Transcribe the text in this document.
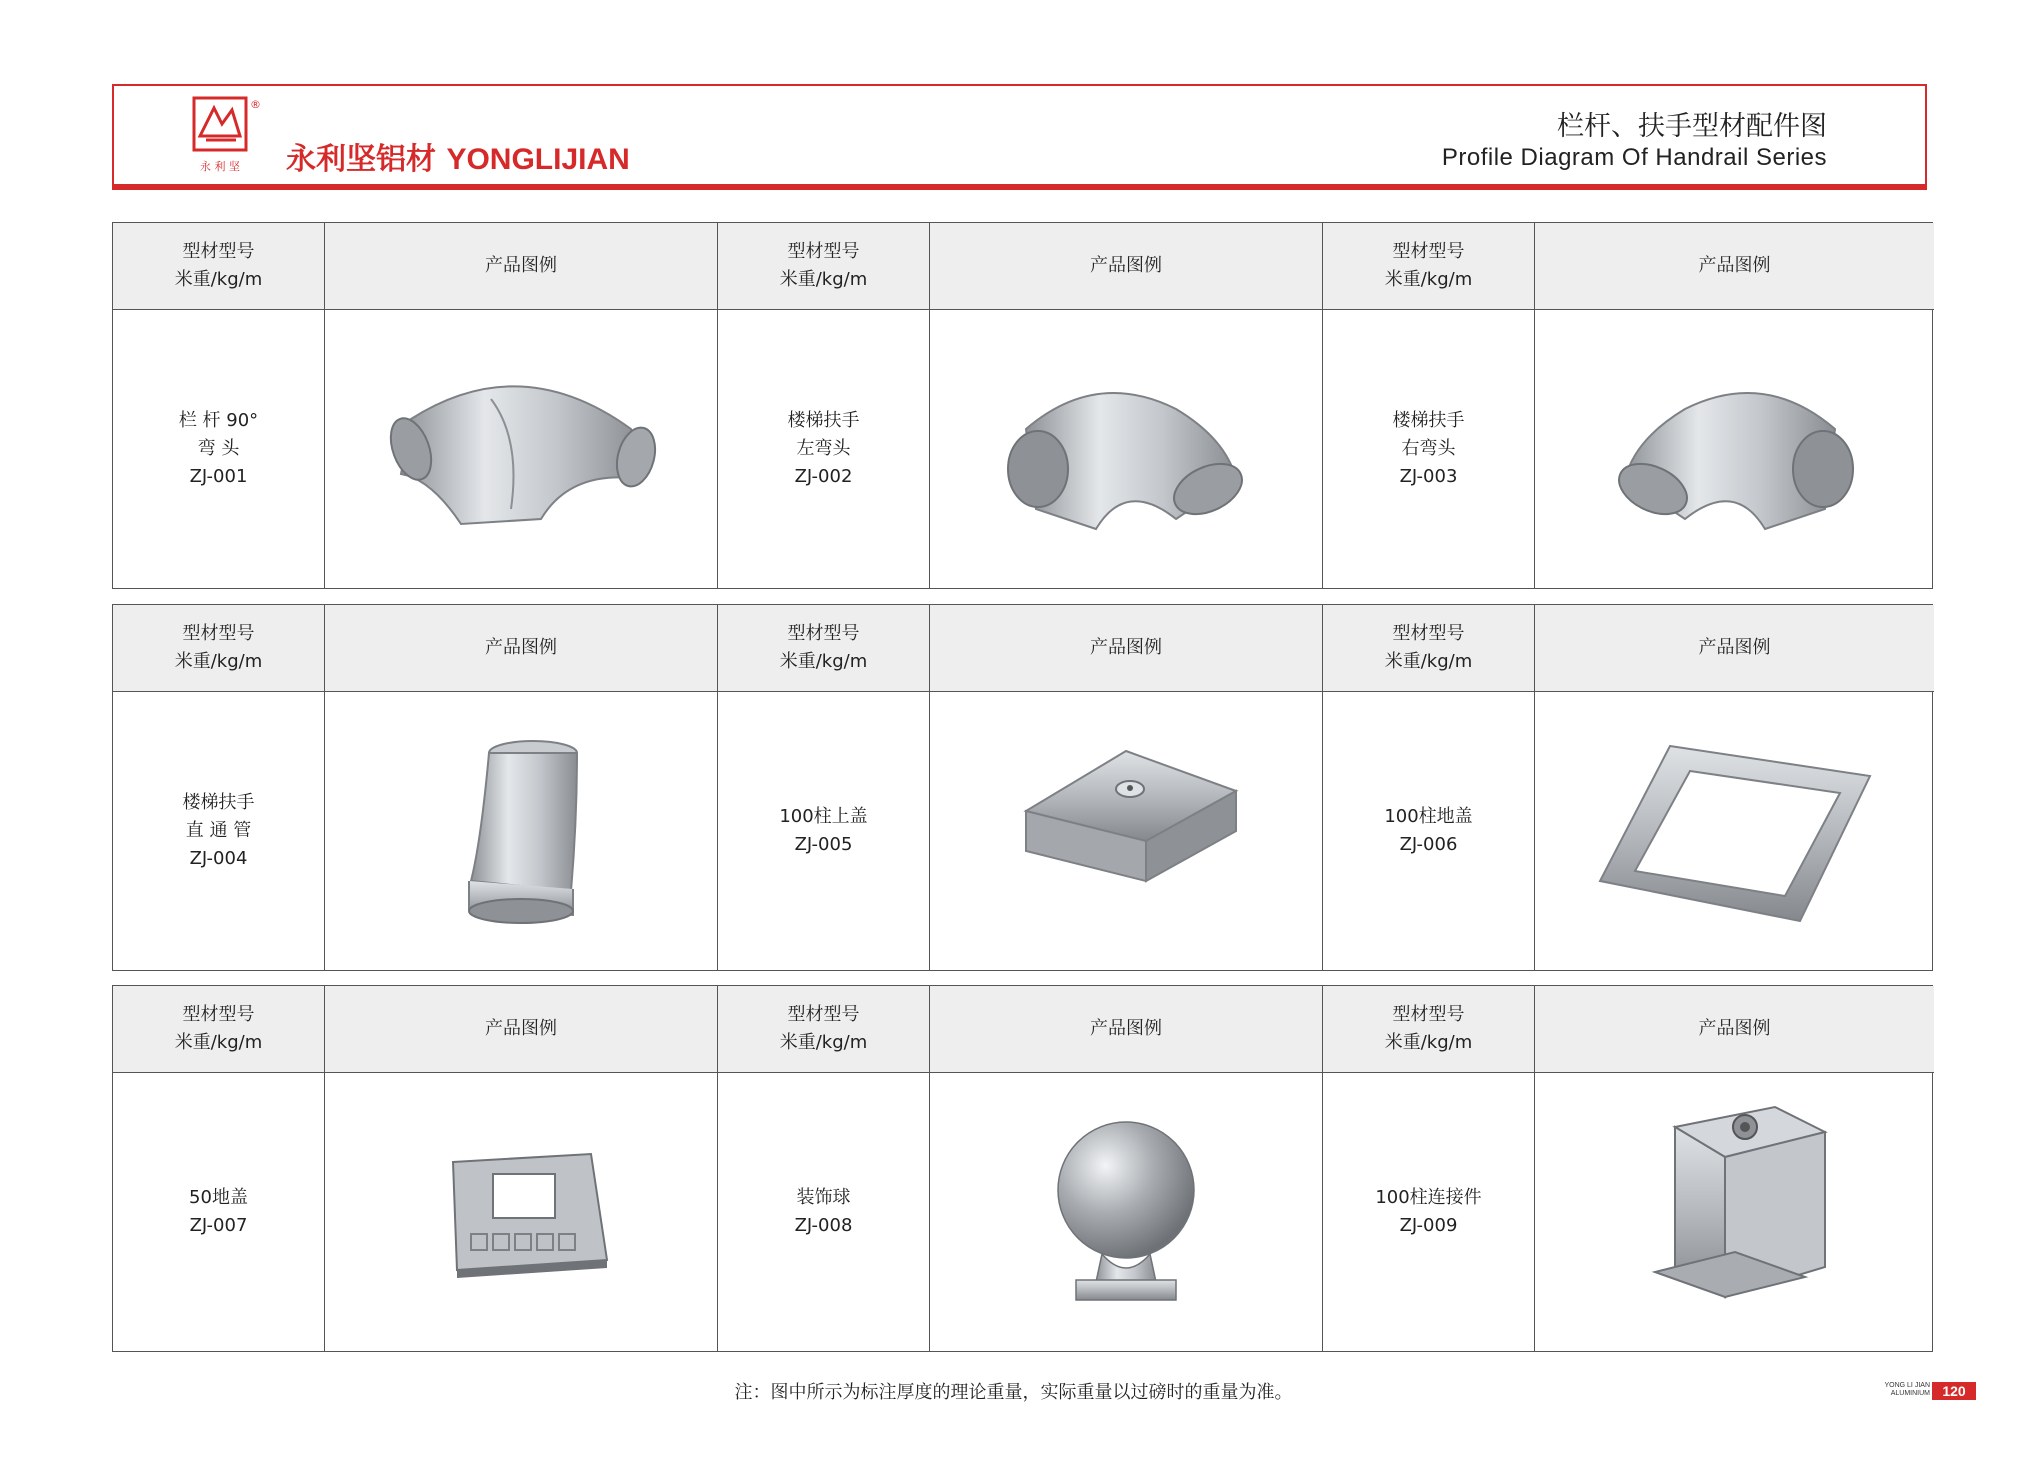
®
永 利 坚 永利坚铝材 YONGLIJIAN
栏杆、扶手型材配件图
Profile Diagram Of Handrail Series
型材型号
米重/kg/m
产品图例
型材型号
米重/kg/m
产品图例
型材型号
米重/kg/m
产品图例
栏 杆 90°
弯 头
ZJ-001
楼梯扶手
左弯头
ZJ-002
楼梯扶手
右弯头
ZJ-003
型材型号
米重/kg/m
产品图例
型材型号
米重/kg/m
产品图例
型材型号
米重/kg/m
产品图例
楼梯扶手
直 通 管
ZJ-004
100柱上盖
ZJ-005
100柱地盖
ZJ-006
型材型号
米重/kg/m
产品图例
型材型号
米重/kg/m
产品图例
型材型号
米重/kg/m
产品图例
50地盖
ZJ-007
装饰球
ZJ-008
100柱连接件
ZJ-009
注：图中所示为标注厚度的理论重量，实际重量以过磅时的重量为准。	YONG LI JIAN
ALUMINIUM 120
